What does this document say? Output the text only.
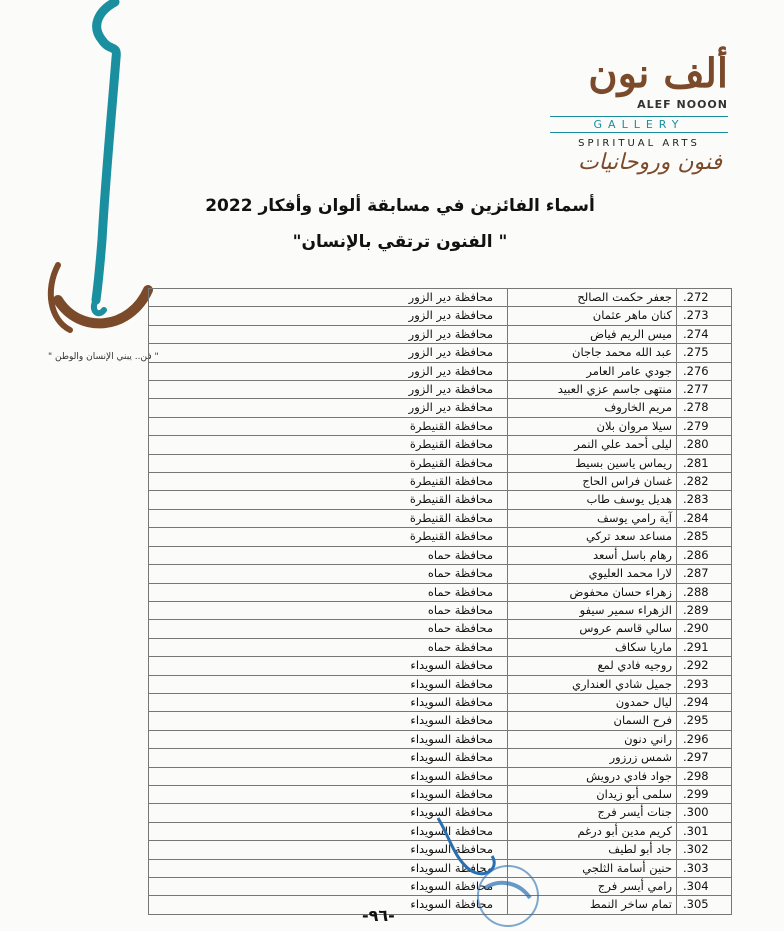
" فن.. يبني الإنسان والوطن "
ألف نون
ALEF NOOON
GALLERY
SPIRITUAL ARTS
فنون وروحانيات
أسماء الفائزين في مسابقة ألوان وأفكار 2022
" الفنون ترتقي بالإنسان"
272.	جعفر حكمت الصالح	محافظة دير الزور
273.	كنان ماهر عثمان	محافظة دير الزور
274.	ميس الريم فياض	محافظة دير الزور
275.	عبد الله محمد جاجان	محافظة دير الزور
276.	جودي عامر العامر	محافظة دير الزور
277.	منتهى جاسم عزي العبيد	محافظة دير الزور
278.	مريم الخاروف	محافظة دير الزور
279.	سيلا مروان بلان	محافظة القنيطرة
280.	ليلى أحمد علي النمر	محافظة القنيطرة
281.	ريماس ياسين بسيط	محافظة القنيطرة
282.	غسان فراس الحاج	محافظة القنيطرة
283.	هديل يوسف طاب	محافظة القنيطرة
284.	آية رامي يوسف	محافظة القنيطرة
285.	مساعد سعد تركي	محافظة القنيطرة
286.	رهام باسل أسعد	محافظة حماه
287.	لارا محمد العليوي	محافظة حماه
288.	زهراء حسان محفوض	محافظة حماه
289.	الزهراء سمير سيفو	محافظة حماه
290.	سالي قاسم عروس	محافظة حماه
291.	ماريا سكاف	محافظة حماه
292.	روجيه فادي لمع	محافظة السويداء
293.	جميل شادي العنداري	محافظة السويداء
294.	ليال حمدون	محافظة السويداء
295.	فرح السمان	محافظة السويداء
296.	راني دنون	محافظة السويداء
297.	شمس زرزور	محافظة السويداء
298.	جواد فادي درويش	محافظة السويداء
299.	سلمى أبو زيدان	محافظة السويداء
300.	جنات أيسر فرج	محافظة السويداء
301.	كريم مدين أبو درغم	محافظة السويداء
302.	جاد أبو لطيف	محافظة السويداء
303.	حنين أسامة الثلجي	محافظة السويداء
304.	رامي أيسر فرج	محافظة السويداء
305.	تمام ساخر النمط	محافظة السويداء
-٩٦-
